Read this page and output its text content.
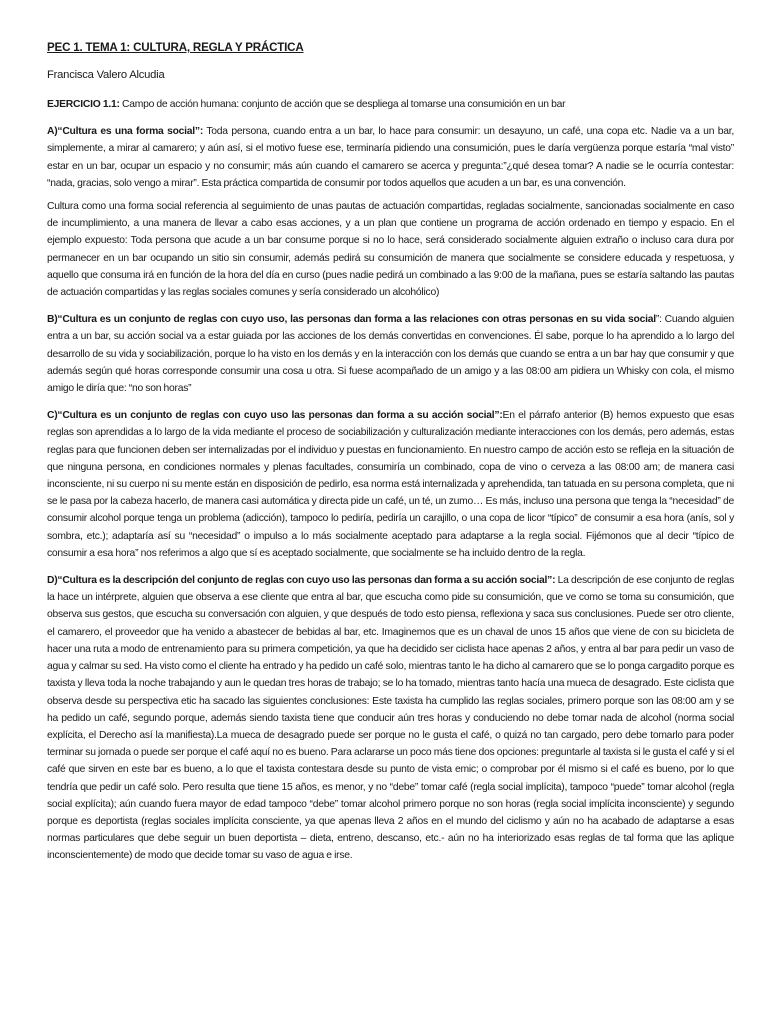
PEC 1. TEMA 1: CULTURA, REGLA Y PRÁCTICA
Francisca Valero Alcudia

EJERCICIO 1.1: Campo de acción humana: conjunto de acción que se despliega al tomarse una consumición en un bar

A)“Cultura es una forma social”: Toda persona, cuando entra a un bar, lo hace para consumir: un desayuno, un café, una copa etc. Nadie va a un bar, simplemente, a mirar al camarero; y aún así, si el motivo fuese ese, terminaría pidiendo una consumición, pues le daría vergüenza porque estaría “mal visto” estar en un bar, ocupar un espacio y no consumir; más aún cuando el camarero se acerca y pregunta:”¿qué desea tomar? A nadie se le ocurría contestar: “nada, gracias, solo vengo a mirar”. Esta práctica compartida de consumir por todos aquellos que acuden a un bar, es una convención.

Cultura como una forma social referencia al seguimiento de unas pautas de actuación compartidas, regladas socialmente, sancionadas socialmente en caso de incumplimiento, a una manera de llevar a cabo esas acciones, y a un plan que contiene un programa de acción ordenado en tiempo y espacio. En el ejemplo expuesto: Toda persona que acude a un bar consume porque si no lo hace, será considerado socialmente alguien extraño o incluso cara dura por permanecer en un bar ocupando un sitio sin consumir, además pedirá su consumición de manera que socialmente se considere educada y respetuosa, y aquello que consuma irá en función de la hora del día en curso (pues nadie pedirá un combinado a las 9:00 de la mañana, pues se estaría saltando las pautas de actuación compartidas y las reglas sociales comunes y sería considerado un alcohólico)

B)“Cultura es un conjunto de reglas con cuyo uso, las personas dan forma a las relaciones con otras personas en su vida social”: Cuando alguien entra a un bar, su acción social va a estar guiada por las acciones de los demás convertidas en convenciones. Él sabe, porque lo ha aprendido a lo largo del desarrollo de su vida y sociabilización, porque lo ha visto en los demás y en la interacción con los demás que cuando se entra a un bar hay que consumir y que además según qué horas corresponde consumir una cosa u otra. Si fuese acompañado de un amigo y a las 08:00 am pidiera un Whisky con cola, el mismo amigo le diría que: “no son horas”

C)“Cultura es un conjunto de reglas con cuyo uso las personas dan forma a su acción social”:En el párrafo anterior (B) hemos expuesto que esas reglas son aprendidas a lo largo de la vida mediante el proceso de sociabilización y culturalización mediante interacciones con los demás, pero además, estas reglas para que funcionen deben ser internalizadas por el individuo y puestas en funcionamiento. En nuestro campo de acción esto se refleja en la situación de que ninguna persona, en condiciones normales y plenas facultades, consumiría un combinado, copa de vino o cerveza a las 08:00 am; de manera casi inconsciente, ni su cuerpo ni su mente están en disposición de pedirlo, esa norma está internalizada y aprehendida, tan tatuada en su persona completa, que ni se le pasa por la cabeza hacerlo, de manera casi automática y directa pide un café, un té, un zumo… Es más, incluso una persona que tenga la “necesidad” de consumir alcohol porque tenga un problema (adicción), tampoco lo pediría, pediría un carajillo, o una copa de licor “típico” de consumir a esa hora (anís, sol y sombra, etc.); adaptaría así su “necesidad” o impulso a lo más socialmente aceptado para adaptarse a la regla social. Fijémonos que al decir “típico de consumir a esa hora” nos referimos a algo que sí es aceptado socialmente, que socialmente se ha incluido dentro de la regla.

D)“Cultura es la descripción del conjunto de reglas con cuyo uso las personas dan forma a su acción social”: La descripción de ese conjunto de reglas la hace un intérprete, alguien que observa a ese cliente que entra al bar, que escucha como pide su consumición, que ve como se toma su consumición, que observa sus gestos, que escucha su conversación con alguien, y que después de todo esto piensa, reflexiona y saca sus conclusiones. Puede ser otro cliente, el camarero, el proveedor que ha venido a abastecer de bebidas al bar, etc. Imaginemos que es un chaval de unos 15 años que viene de con su bicicleta de hacer una ruta a modo de entrenamiento para su primera competición, ya que ha decidido ser ciclista hace apenas 2 años, y entra al bar para pedir un vaso de agua y calmar su sed. Ha visto como el cliente ha entrado y ha pedido un café solo, mientras tanto le ha dicho al camarero que se lo ponga cargadito porque es taxista y lleva toda la noche trabajando y aun le quedan tres horas de trabajo; se lo ha tomado, mientras tanto hacía una mueca de desagrado. Este ciclista que observa desde su perspectiva etic ha sacado las siguientes conclusiones: Este taxista ha cumplido las reglas sociales, primero porque son las 08:00 am y se ha pedido un café, segundo porque, además siendo taxista tiene que conducir aún tres horas y conduciendo no debe tomar nada de alcohol (norma social explícita, el Derecho así la manifiesta).La mueca de desagrado puede ser porque no le gusta el café, o quizá no tan cargado, pero debe tomarlo para poder terminar su jornada o puede ser porque el café aquí no es bueno. Para aclararse un poco más tiene dos opciones: preguntarle al taxista si le gusta el café y si el café que sirven en este bar es bueno, a lo que el taxista contestara desde su punto de vista emic; o comprobar por él mismo si el café es bueno, por lo que tendría que pedir un café solo. Pero resulta que tiene 15 años, es menor, y no “debe” tomar café (regla social implícita), tampoco “puede” tomar alcohol (regla social explícita); aún cuando fuera mayor de edad tampoco “debe” tomar alcohol primero porque no son horas (regla social implícita inconsciente) y segundo porque es deportista (reglas sociales implícita consciente, ya que apenas lleva 2 años en el mundo del ciclismo y aún no ha acabado de adaptarse a esas normas particulares que debe seguir un buen deportista – dieta, entreno, descanso, etc.- aún no ha interiorizado esas reglas de tal forma que las aplique inconscientemente) de modo que decide tomar su vaso de agua e irse.
